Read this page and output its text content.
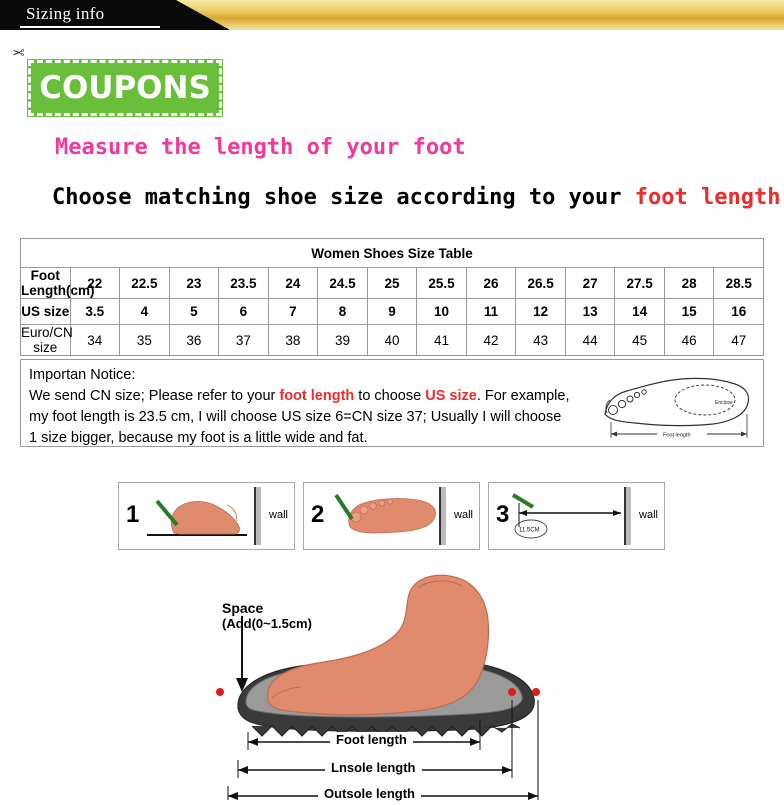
Sizing info
✂
COUPONS
Measure the length of your foot
Choose matching shoe size according to your foot length
Women Shoes Size Table														
Foot Length(cm)	22	22.5	23	23.5	24	24.5	25	25.5	26	26.5	27	27.5	28	28.5
US size	3.5	4	5	6	7	8	9	10	11	12	13	14	15	16
Euro/CN size	34	35	36	37	38	39	40	41	42	43	44	45	46	47
Importan Notice:
We send CN size; Please refer to your foot length to choose US size. For example,
my foot length is 23.5 cm, I will choose US size 6=CN size 37; Usually I will choose
1 size bigger, because my foot is a little wide and fat.
Enclose
Foot length
1	wall 2	wall 3
11.5CM
wall
Space
(Add(0~1.5cm)
Foot length
Lnsole length
Outsole length
